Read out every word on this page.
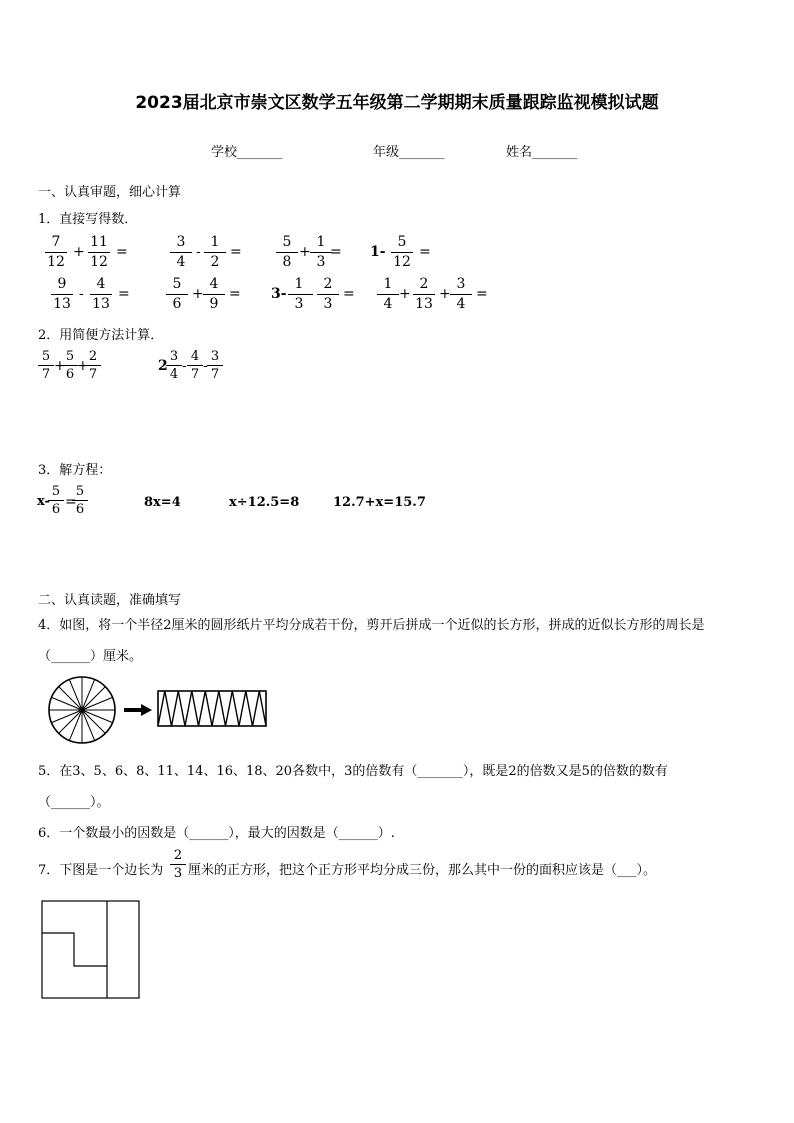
2023届北京市崇文区数学五年级第二学期期末质量跟踪监视模拟试题
学校_______	年级_______	姓名_______
一、认真审题，细心计算
1．直接写得数．
7
12
+
11
12
=
3
4
-
1
2
=
5
8
+
1
3
= 1-
5
12
=
9
13
-
4
13
=
5
6
+
4
9
= 3-
1
3
-
2
3
=
1
4
+
2
13
+
3
4
=
2．用简便方法计算．
5
7
+
5
6
+
2
7
2
3
4
-
4
7
-
3
7
3．解方程：
x-
5
6 =
5
6	8x=4	x÷12.5=8	12.7+x=15.7
二、认真读题，准确填写
4．如图，将一个半径2厘米的圆形纸片平均分成若干份，剪开后拼成一个近似的长方形，拼成的近似长方形的周长是
（______）厘米。
5．在3、5、6、8、11、14、16、18、20各数中，3的倍数有（_______），既是2的倍数又是5的倍数的数有
（______）。
6．一个数最小的因数是（______），最大的因数是（______）.
7．下图是一个边长为
2
3 厘米的正方形，把这个正方形平均分成三份，那么其中一份的面积应该是（___）。
